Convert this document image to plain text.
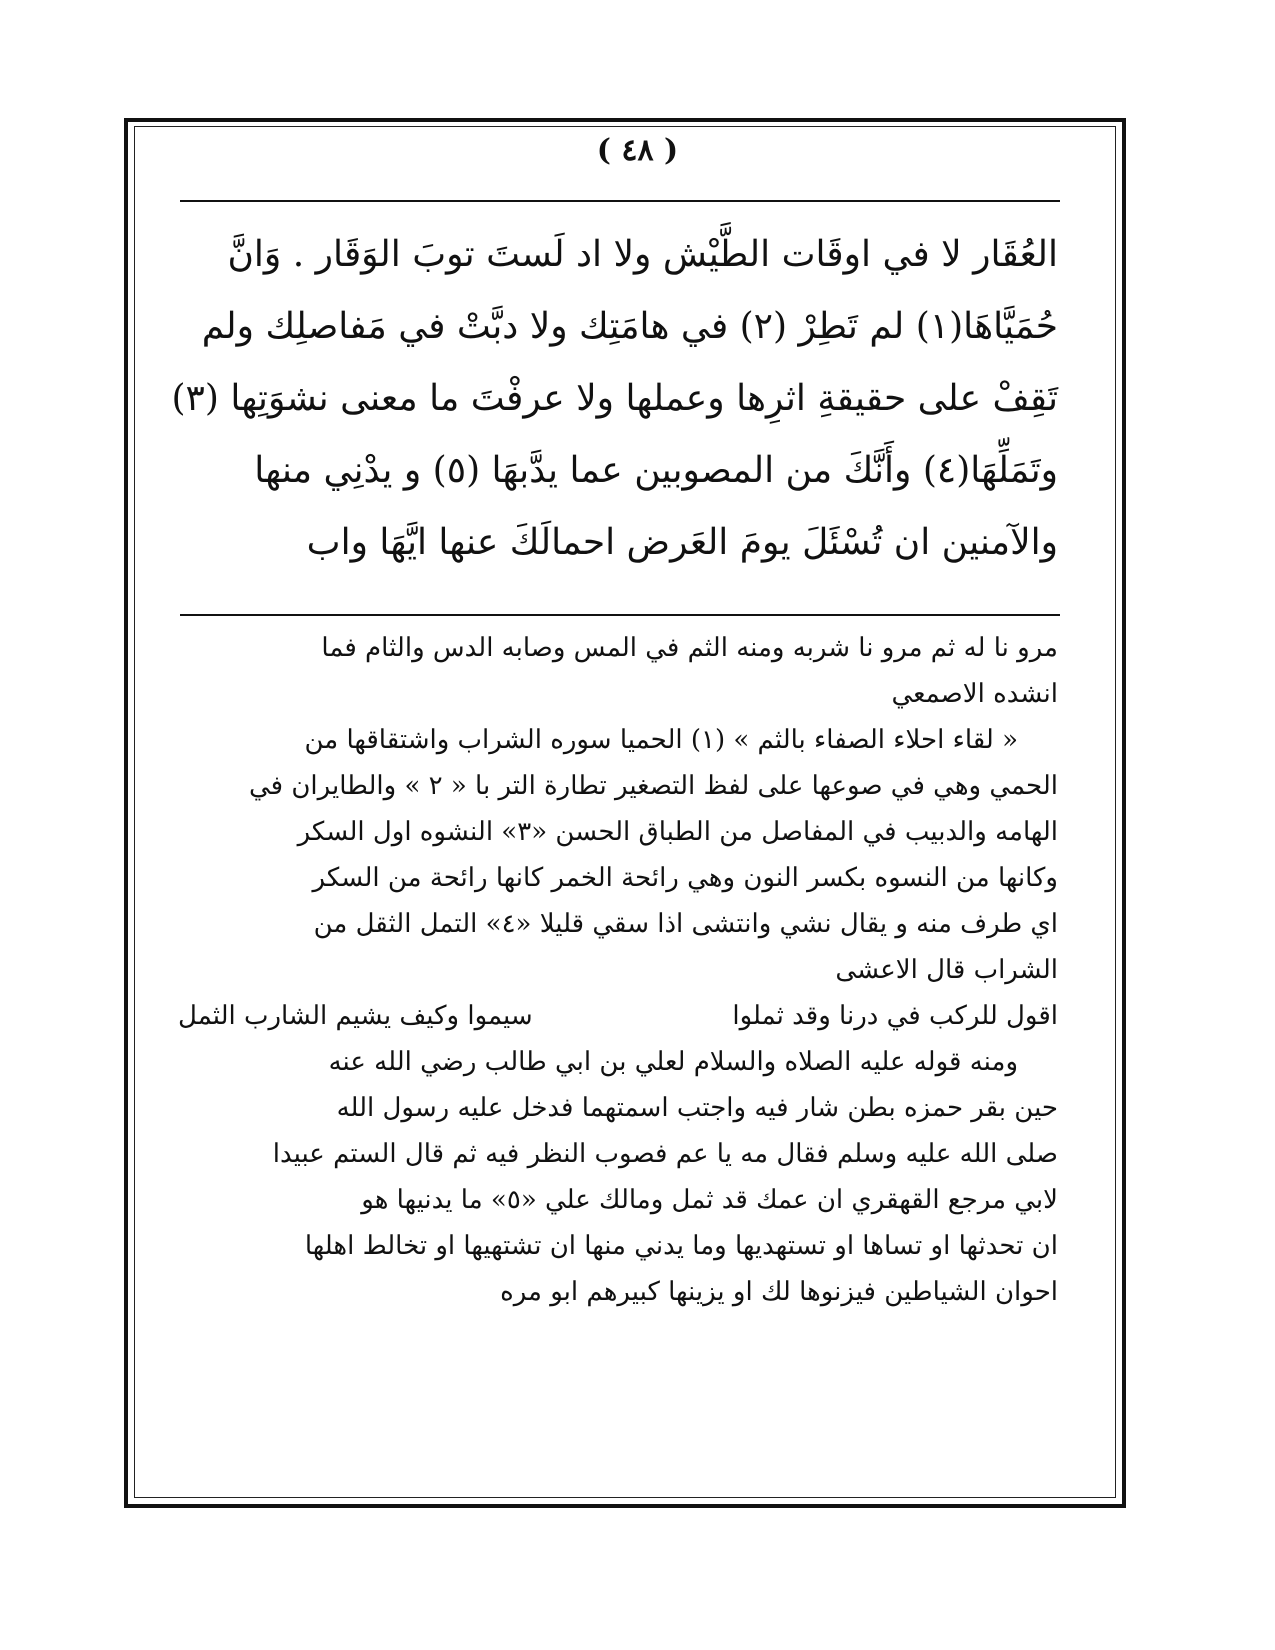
( ٤٨ )
العُقَار لا في اوقَات الطَّيْش ولا اد لَستَ توبَ الوَقَار . وَانَّ
حُمَيَّاهَا(١) لم تَطِرْ (٢) في هامَتِك ولا دبَّتْ في مَفاصلِك ولم
تَقِفْ على حقيقةِ اثرِها وعملها ولا عرفْتَ ما معنى نشوَتِها (٣)
وتَمَلِّهَا(٤) وأَنَّكَ من المصوبين عما يدَّبهَا (٥) و يدْنِي منها
والآمنين ان تُسْئَلَ يومَ العَرض احمالَكَ عنها ايَّهَا واب
مرو نا له ثم مرو نا شربه ومنه الثم في المس وصابه الدس والثام فما
انشده الاصمعي
« لقاء احلاء الصفاء بالثم » (١) الحميا سوره الشراب واشتقاقها من
الحمي وهي في صوعها على لفظ التصغير تطارة التر با « ٢ » والطايران في
الهامه والدبيب في المفاصل من الطباق الحسن «٣» النشوه اول السكر
وكانها من النسوه بكسر النون وهي رائحة الخمر كانها رائحة من السكر
اي طرف منه و يقال نشي وانتشى اذا سقي قليلا «٤» التمل الثقل من
الشراب قال الاعشى
اقول للركب في درنا وقد ثملوا
سيموا وكيف يشيم الشارب الثمل
ومنه قوله عليه الصلاه والسلام لعلي بن ابي طالب رضي الله عنه
حين بقر حمزه بطن شار فيه واجتب اسمتهما فدخل عليه رسول الله
صلى الله عليه وسلم فقال مه يا عم فصوب النظر فيه ثم قال الستم عبيدا
لابي مرجع القهقري ان عمك قد ثمل ومالك علي «٥» ما يدنيها هو
ان تحدثها او تساها او تستهديها وما يدني منها ان تشتهيها او تخالط اهلها
احوان الشياطين فيزنوها لك او يزينها كبيرهم ابو مره
